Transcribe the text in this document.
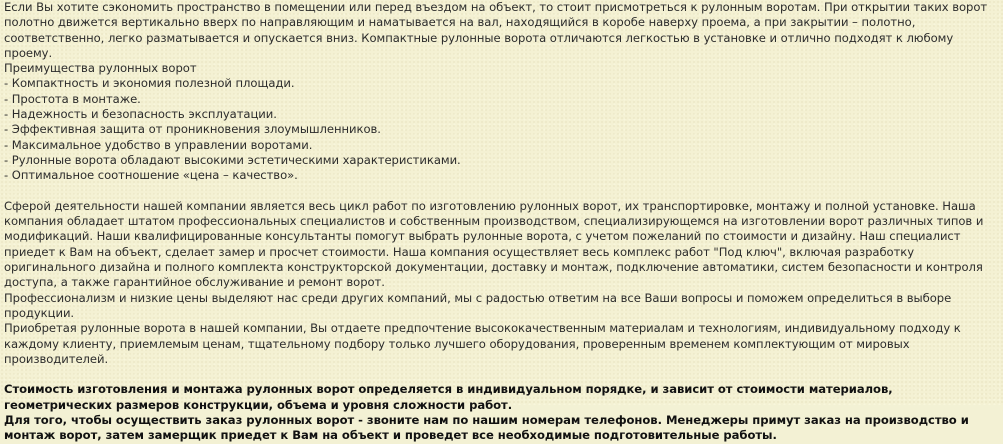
Если Вы хотите сэкономить пространство в помещении или перед въездом на объект, то стоит присмотреться к рулонным воротам. При открытии таких ворот полотно движется вертикально вверх по направляющим и наматывается на вал, находящийся в коробе наверху проема, а при закрытии – полотно, соответственно, легко разматывается и опускается вниз. Компактные рулонные ворота отличаются легкостью в установке и отлично подходят к любому проему.

Преимущества рулонных ворот

- Компактность и экономия полезной площади.
- Простота в монтаже.
- Надежность и безопасность эксплуатации.
- Эффективная защита от проникновения злоумышленников.
- Максимальное удобство в управлении воротами.
- Рулонные ворота обладают высокими эстетическими характеристиками.
- Оптимальное соотношение «цена – качество».

Сферой деятельности нашей компании является весь цикл работ по изготовлению рулонных ворот, их транспортировке, монтажу и полной установке. Наша компания обладает штатом профессиональных специалистов и собственным производством, специализирующемся на изготовлении ворот различных типов и модификаций. Наши квалифицированные консультанты помогут выбрать рулонные ворота, с учетом пожеланий по стоимости и дизайну. Наш специалист приедет к Вам на объект, сделает замер и просчет стоимости. Наша компания осуществляет весь комплекс работ "Под ключ", включая разработку оригинального дизайна и полного комплекта конструкторской документации, доставку и монтаж, подключение автоматики, систем безопасности и контроля доступа, а также гарантийное обслуживание и ремонт ворот.

Профессионализм и низкие цены выделяют нас среди других компаний, мы с радостью ответим на все Ваши вопросы и поможем определиться в выборе продукции.

Приобретая рулонные ворота в нашей компании, Вы отдаете предпочтение высококачественным материалам и технологиям, индивидуальному подходу к каждому клиенту, приемлемым ценам, тщательному подбору только лучшего оборудования, проверенным временем комплектующим от мировых производителей.

Стоимость изготовления и монтажа рулонных ворот определяется в индивидуальном порядке, и зависит от стоимости материалов, геометрических размеров конструкции, объема и уровня сложности работ.

Для того, чтобы осуществить заказ рулонных ворот - звоните нам по нашим номерам телефонов. Менеджеры примут заказ на производство и монтаж ворот, затем замерщик приедет к Вам на объект и проведет все необходимые подготовительные работы.
